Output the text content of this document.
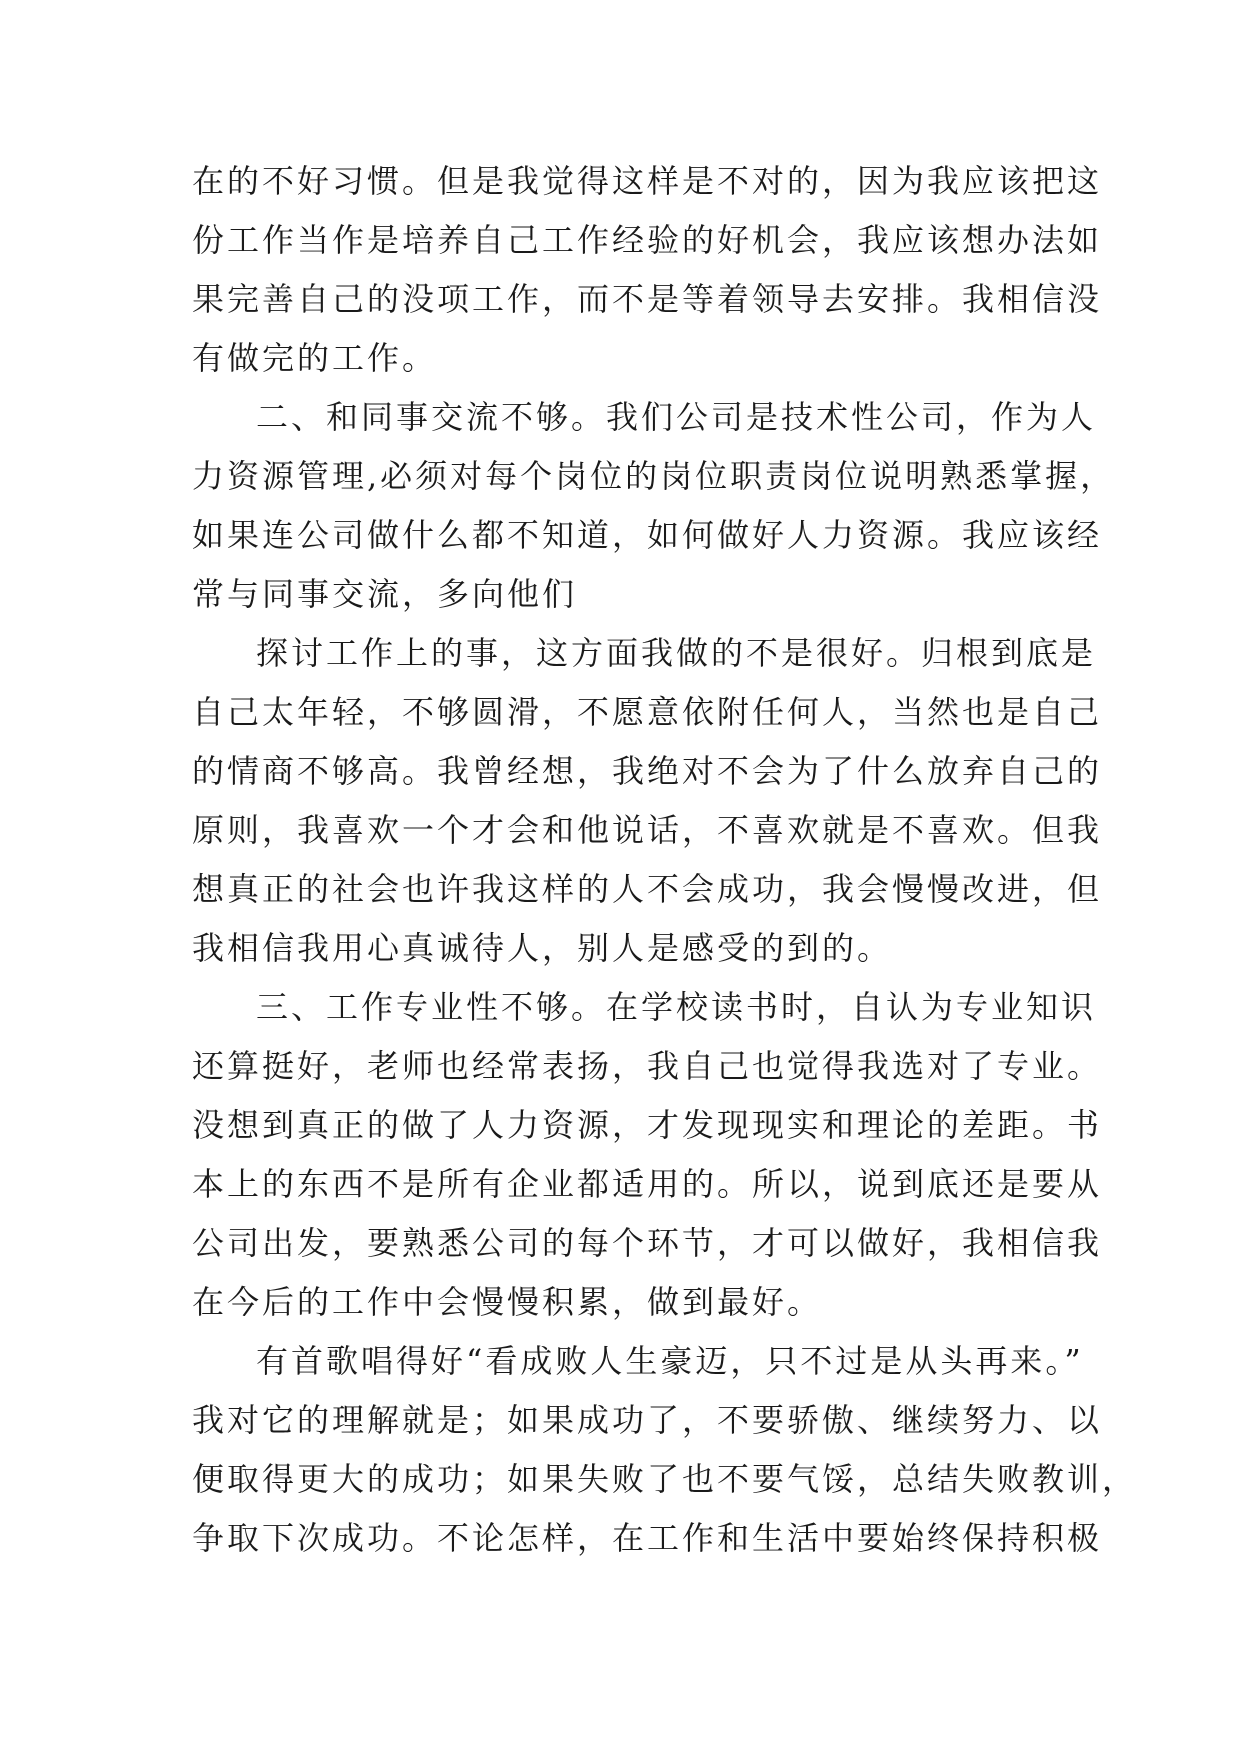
在的不好习惯。但是我觉得这样是不对的，因为我应该把这
份工作当作是培养自己工作经验的好机会，我应该想办法如
果完善自己的没项工作，而不是等着领导去安排。我相信没
有做完的工作。
二、和同事交流不够。我们公司是技术性公司，作为人
力资源管理,必须对每个岗位的岗位职责岗位说明熟悉掌握，
如果连公司做什么都不知道，如何做好人力资源。我应该经
常与同事交流，多向他们
探讨工作上的事，这方面我做的不是很好。归根到底是
自己太年轻，不够圆滑，不愿意依附任何人，当然也是自己
的情商不够高。我曾经想，我绝对不会为了什么放弃自己的
原则，我喜欢一个才会和他说话，不喜欢就是不喜欢。但我
想真正的社会也许我这样的人不会成功，我会慢慢改进，但
我相信我用心真诚待人，别人是感受的到的。
三、工作专业性不够。在学校读书时，自认为专业知识
还算挺好，老师也经常表扬，我自己也觉得我选对了专业。
没想到真正的做了人力资源，才发现现实和理论的差距。书
本上的东西不是所有企业都适用的。所以，说到底还是要从
公司出发，要熟悉公司的每个环节，才可以做好，我相信我
在今后的工作中会慢慢积累，做到最好。
有首歌唱得好“看成败人生豪迈，只不过是从头再来。”
我对它的理解就是；如果成功了，不要骄傲、继续努力、以
便取得更大的成功；如果失败了也不要气馁，总结失败教训，
争取下次成功。不论怎样，在工作和生活中要始终保持积极
